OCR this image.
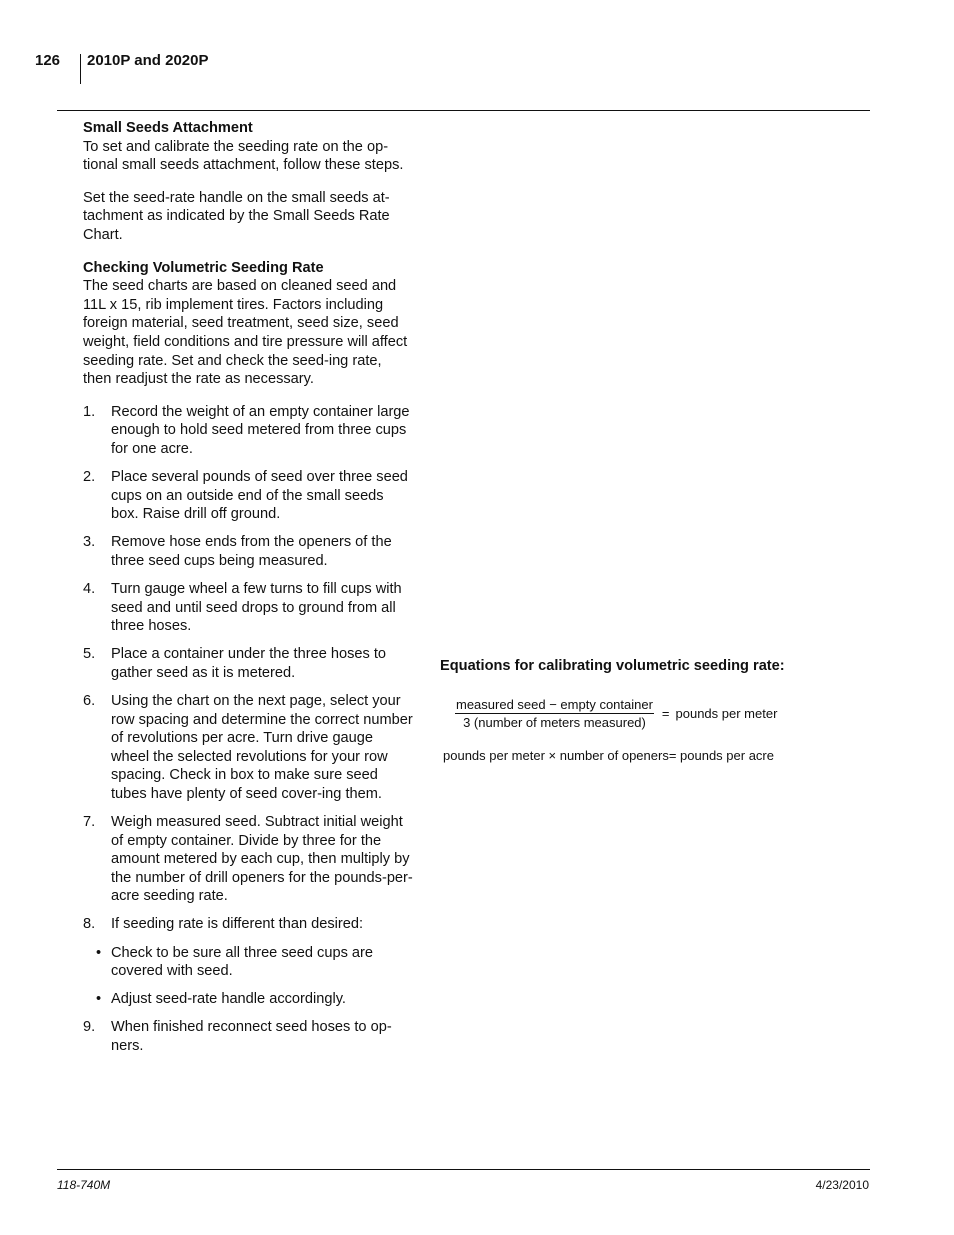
126 2010P and 2020P

Small Seeds Attachment

To set and calibrate the seeding rate on the op-tional small seeds attachment, follow these steps.

Set the seed-rate handle on the small seeds at-tachment as indicated by the Small Seeds Rate Chart.

Checking Volumetric Seeding Rate

The seed charts are based on cleaned seed and 11L x 15, rib implement tires. Factors including foreign material, seed treatment, seed size, seed weight, field conditions and tire pressure will affect seeding rate. Set and check the seed-ing rate, then readjust the rate as necessary.

1. Record the weight of an empty container large enough to hold seed metered from three cups for one acre.
2. Place several pounds of seed over three seed cups on an outside end of the small seeds box. Raise drill off ground.
3. Remove hose ends from the openers of the three seed cups being measured.
4. Turn gauge wheel a few turns to fill cups with seed and until seed drops to ground from all three hoses.
5. Place a container under the three hoses to gather seed as it is metered.
6. Using the chart on the next page, select your row spacing and determine the correct number of revolutions per acre. Turn drive gauge wheel the selected revolutions for your row spacing. Check in box to make sure seed tubes have plenty of seed cover-ing them.
7. Weigh measured seed. Subtract initial weight of empty container. Divide by three for the amount metered by each cup, then multiply by the number of drill openers for the pounds-per-acre seeding rate.
8. If seeding rate is different than desired:
• Check to be sure all three seed cups are covered with seed.
• Adjust seed-rate handle accordingly.
9. When finished reconnect seed hoses to op-ners.
Equations for calibrating volumetric seeding rate:
$\frac{\text{measured seed − empty container}}{\text{3 (number of meters measured)}}$ = pounds per meter
pounds per meter × number of openers= pounds per acre
118-740M	4/23/2010
